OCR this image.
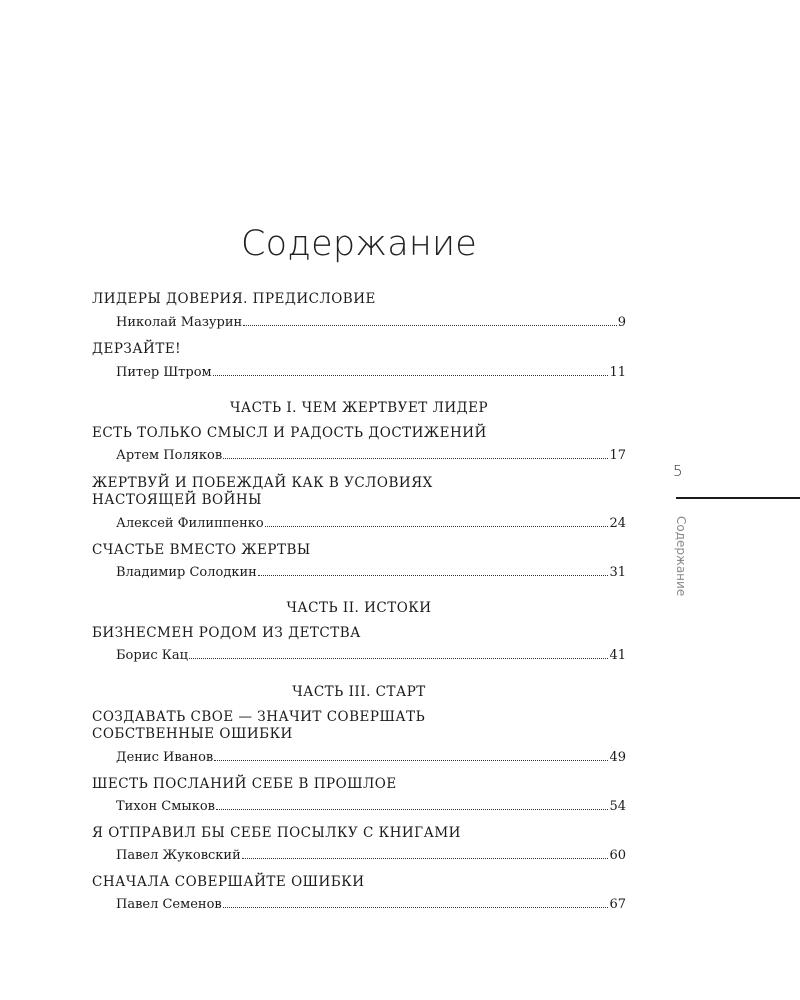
Содержание
ЛИДЕРЫ ДОВЕРИЯ. ПРЕДИСЛОВИЕ
Николай Мазурин	9
ДЕРЗАЙТЕ!
Питер Штром	11
ЧАСТЬ I. ЧЕМ ЖЕРТВУЕТ ЛИДЕР
ЕСТЬ ТОЛЬКО СМЫСЛ И РАДОСТЬ ДОСТИЖЕНИЙ
Артем Поляков	17
ЖЕРТВУЙ И ПОБЕЖДАЙ КАК В УСЛОВИЯХ
НАСТОЯЩЕЙ ВОЙНЫ
Алексей Филиппенко	24
СЧАСТЬЕ ВМЕСТО ЖЕРТВЫ
Владимир Солодкин	31
ЧАСТЬ II. ИСТОКИ
БИЗНЕСМЕН РОДОМ ИЗ ДЕТСТВА
Борис Кац	41
ЧАСТЬ III. СТАРТ
СОЗДАВАТЬ СВОЕ — ЗНАЧИТ СОВЕРШАТЬ
СОБСТВЕННЫЕ ОШИБКИ
Денис Иванов	49
ШЕСТЬ ПОСЛАНИЙ СЕБЕ В ПРОШЛОЕ
Тихон Смыков	54
Я ОТПРАВИЛ БЫ СЕБЕ ПОСЫЛКУ С КНИГАМИ
Павел Жуковский	60
СНАЧАЛА СОВЕРШАЙТЕ ОШИБКИ
Павел Семенов	67
5
Содержание
